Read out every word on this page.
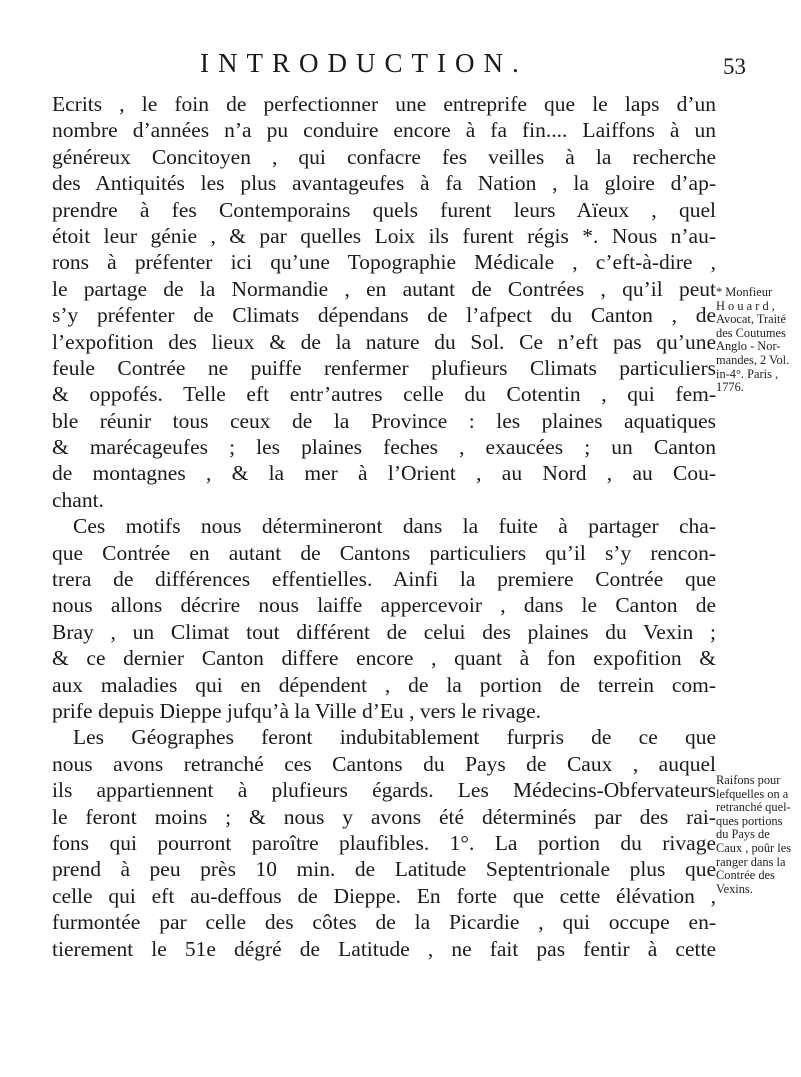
INTRODUCTION.	53
Ecrits , le foin de perfectionner une entreprife que le laps d’un
nombre d’années n’a pu conduire encore à fa fin.... Laiffons à un
généreux Concitoyen , qui confacre fes veilles à la recherche
des Antiquités les plus avantageufes à fa Nation , la gloire d’ap-
prendre à fes Contemporains quels furent leurs Aïeux , quel
étoit leur génie , & par quelles Loix ils furent régis *. Nous n’au-
rons à préfenter ici qu’une Topographie Médicale , c’eft-à-dire ,
le partage de la Normandie , en autant de Contrées , qu’il peut
s’y préfenter de Climats dépendans de l’afpect du Canton , de
l’expofition des lieux & de la nature du Sol. Ce n’eft pas qu’une
feule Contrée ne puiffe renfermer plufieurs Climats particuliers
& oppofés. Telle eft entr’autres celle du Cotentin , qui fem-
ble réunir tous ceux de la Province : les plaines aquatiques
& marécageufes ; les plaines feches , exaucées ; un Canton
de montagnes , & la mer à l’Orient , au Nord , au Cou-
chant.
Ces motifs nous détermineront dans la fuite à partager cha-
que Contrée en autant de Cantons particuliers qu’il s’y rencon-
trera de différences effentielles. Ainfi la premiere Contrée que
nous allons décrire nous laiffe appercevoir , dans le Canton de
Bray , un Climat tout différent de celui des plaines du Vexin ;
& ce dernier Canton differe encore , quant à fon expofition &
aux maladies qui en dépendent , de la portion de terrein com-
prife depuis Dieppe jufqu’à la Ville d’Eu , vers le rivage.
Les Géographes feront indubitablement furpris de ce que
nous avons retranché ces Cantons du Pays de Caux , auquel
ils appartiennent à plufieurs égards. Les Médecins-Obfervateurs
le feront moins ; & nous y avons été déterminés par des rai-
fons qui pourront paroître plaufibles. 1°. La portion du rivage
prend à peu près 10 min. de Latitude Septentrionale plus que
celle qui eft au-deffous de Dieppe. En forte que cette élévation ,
furmontée par celle des côtes de la Picardie , qui occupe en-
tierement le 51e dégré de Latitude , ne fait pas fentir à cette
* Monfieur
H o u a r d ,
Avocat, Traité
des Coutumes
Anglo - Nor-
mandes, 2 Vol.
in-4°. Paris ,
1776.
Raifons pour
lefquelles on a
retranché quel-
ques portions
du Pays de
Caux , poûr les
ranger dans la
Contrée des
Vexins.
